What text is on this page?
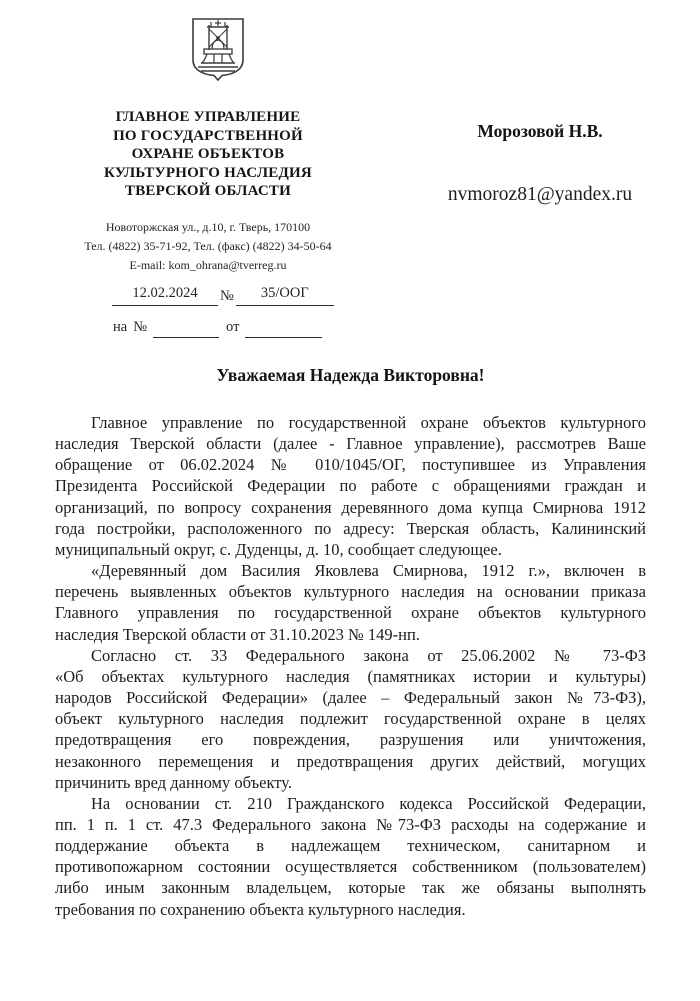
ГЛАВНОЕ УПРАВЛЕНИЕ
ПО ГОСУДАРСТВЕННОЙ
ОХРАНЕ ОБЪЕКТОВ
КУЛЬТУРНОГО НАСЛЕДИЯ
ТВЕРСКОЙ ОБЛАСТИ
Новоторжская ул., д.10, г. Тверь, 170100
Тел. (4822) 35-71-92, Тел. (факс) (4822) 34-50-64
E-mail: kom_ohrana@tverreg.ru
12.02.2024	№	35/ООГ
на №	от
Морозовой Н.В.
nvmoroz81@yandex.ru
Уважаемая Надежда Викторовна!
Главное управление по государственной охране объектов культурного
наследия Тверской области (далее - Главное управление), рассмотрев Ваше
обращение от 06.02.2024 № 010/1045/ОГ, поступившее из Управления
Президента Российской Федерации по работе с обращениями граждан и
организаций, по вопросу сохранения деревянного дома купца Смирнова 1912
года постройки, расположенного по адресу: Тверская область, Калининский
муниципальный округ, с. Дуденцы, д. 10, сообщает следующее.
«Деревянный дом Василия Яковлева Смирнова, 1912 г.», включен в
перечень выявленных объектов культурного наследия на основании приказа
Главного управления по государственной охране объектов культурного
наследия Тверской области от 31.10.2023 № 149-нп.
Согласно ст. 33 Федерального закона от 25.06.2002 № 73-ФЗ
«Об объектах культурного наследия (памятниках истории и культуры)
народов Российской Федерации» (далее – Федеральный закон №73-ФЗ),
объект культурного наследия подлежит государственной охране в целях
предотвращения его повреждения, разрушения или уничтожения,
незаконного перемещения и предотвращения других действий, могущих
причинить вред данному объекту.
На основании ст. 210 Гражданского кодекса Российской Федерации,
пп. 1 п. 1 ст. 47.3 Федерального закона №73-ФЗ расходы на содержание и
поддержание объекта в надлежащем техническом, санитарном и
противопожарном состоянии осуществляется собственником (пользователем)
либо иным законным владельцем, которые так же обязаны выполнять
требования по сохранению объекта культурного наследия.
